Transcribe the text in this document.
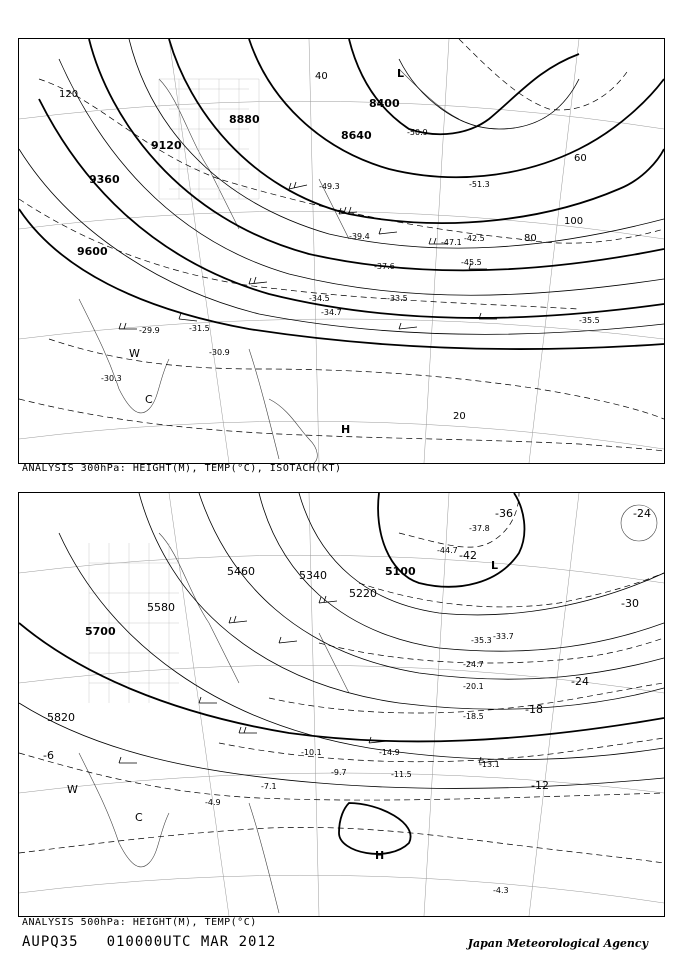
8400
8640
8880
9120
9360
9600
120
100
80
60
40
20
-50.9
-51.3
-49.3
-47.1
-45.5
-42.5
-39.4
-37.6
-34.7
-34.5	-33.5
-35.5
-31.5
-30.9
-29.9
-30.3
L
H
W
C
ANALYSIS 300hPa: HEIGHT(M), TEMP(°C), ISOTACH(KT)
5100
5220
5340
5460
5580
5700
5820
-42
-36
-30
-24
-18
-12
-6
-24
-44.7
-37.8
-35.3 -33.7
-24.7
-20.1
-18.5
-14.9
-13.1
-11.5
-10.1
-9.7
-7.1
-4.9
-4.3
L
H
W
C
ANALYSIS 500hPa: HEIGHT(M), TEMP(°C)
AUPQ35 010000UTC MAR 2012	Japan Meteorological Agency
